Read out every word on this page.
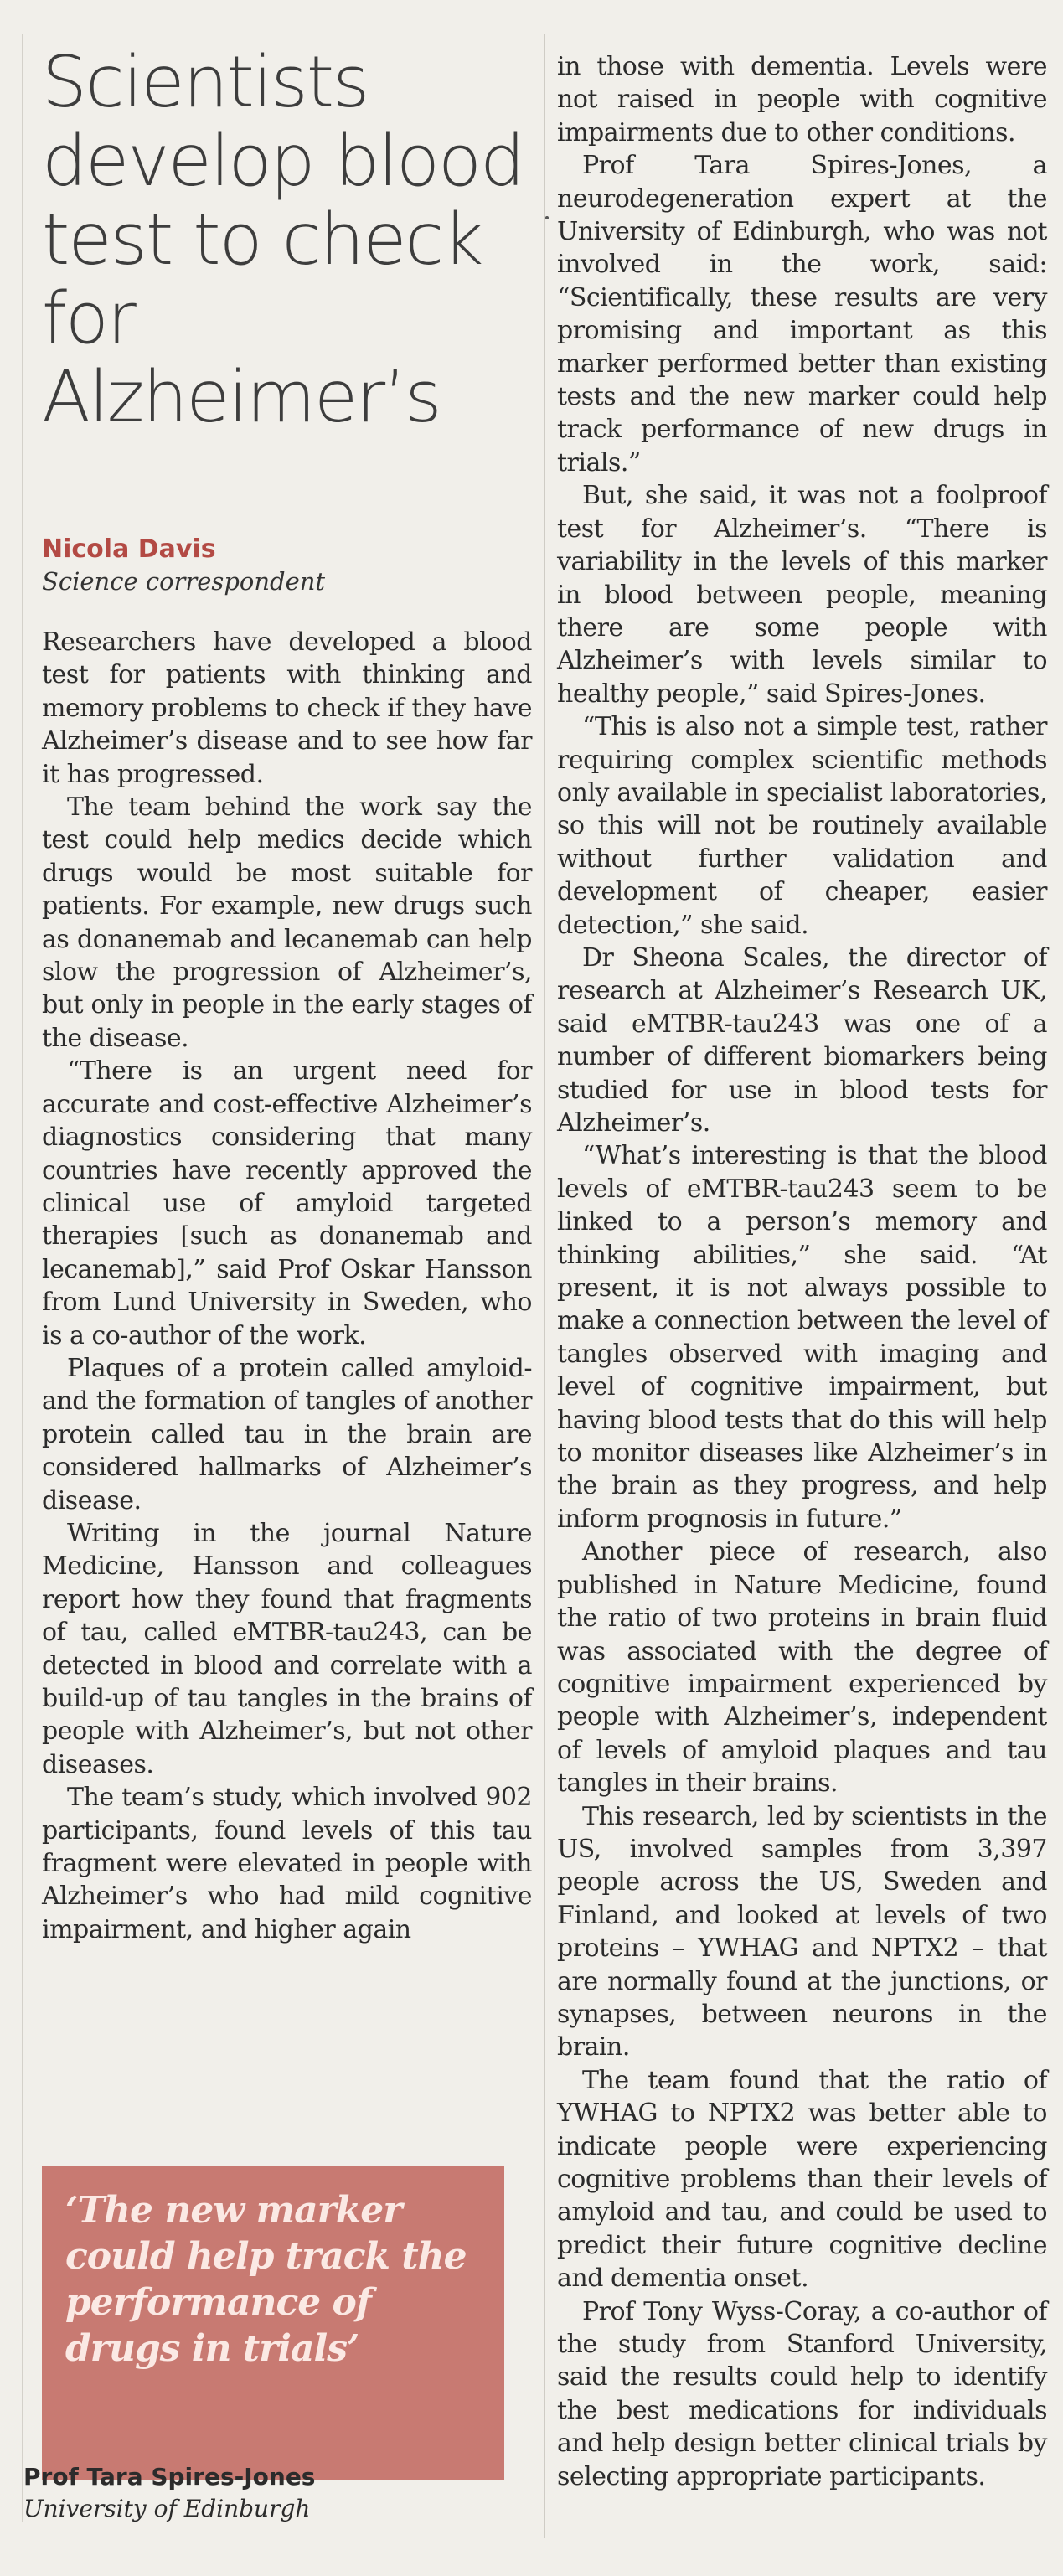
Scientists develop blood test to check for Alzheimer’s
Nicola Davis
Science correspondent

Researchers have developed a blood test for patients with thinking and memory problems to check if they have Alzheimer’s disease and to see how far it has progressed.

The team behind the work say the test could help medics decide which drugs would be most suitable for patients. For example, new drugs such as donanemab and lecanemab can help slow the progression of Alzheimer’s, but only in people in the early stages of the disease.

“There is an urgent need for accurate and cost-effective Alzheimer’s diagnostics considering that many countries have recently approved the clinical use of amyloid targeted therapies [such as donanemab and lecanemab],” said Prof Oskar Hansson from Lund University in Sweden, who is a co-author of the work.

Plaques of a protein called amyloid- and the formation of tangles of another protein called tau in the brain are considered hallmarks of Alzheimer’s disease.

Writing in the journal Nature Medicine, Hansson and colleagues report how they found that fragments of tau, called eMTBR-tau243, can be detected in blood and correlate with a build-up of tau tangles in the brains of people with Alzheimer’s, but not other diseases.

The team’s study, which involved 902 participants, found levels of this tau fragment were elevated in people with Alzheimer’s who had mild cognitive impairment, and higher again

‘The new marker could help track the performance of drugs in trials’
Prof Tara Spires-Jones
University of Edinburgh

in those with dementia. Levels were not raised in people with cognitive impairments due to other conditions.

Prof Tara Spires-Jones, a neurodegeneration expert at the University of Edinburgh, who was not involved in the work, said: “Scientifically, these results are very promising and important as this marker performed better than existing tests and the new marker could help track performance of new drugs in trials.”

But, she said, it was not a foolproof test for Alzheimer’s. “There is variability in the levels of this marker in blood between people, meaning there are some people with Alzheimer’s with levels similar to healthy people,” said Spires-Jones.

“This is also not a simple test, rather requiring complex scientific methods only available in specialist laboratories, so this will not be routinely available without further validation and development of cheaper, easier detection,” she said.

Dr Sheona Scales, the director of research at Alzheimer’s Research UK, said eMTBR-tau243 was one of a number of different biomarkers being studied for use in blood tests for Alzheimer’s.

“What’s interesting is that the blood levels of eMTBR-tau243 seem to be linked to a person’s memory and thinking abilities,” she said. “At present, it is not always possible to make a connection between the level of tangles observed with imaging and level of cognitive impairment, but having blood tests that do this will help to monitor diseases like Alzheimer’s in the brain as they progress, and help inform prognosis in future.”

Another piece of research, also published in Nature Medicine, found the ratio of two proteins in brain fluid was associated with the degree of cognitive impairment experienced by people with Alzheimer’s, independent of levels of amyloid plaques and tau tangles in their brains.

This research, led by scientists in the US, involved samples from 3,397 people across the US, Sweden and Finland, and looked at levels of two proteins – YWHAG and NPTX2 – that are normally found at the junctions, or synapses, between neurons in the brain.

The team found that the ratio of YWHAG to NPTX2 was better able to indicate people were experiencing cognitive problems than their levels of amyloid and tau, and could be used to predict their future cognitive decline and dementia onset.

Prof Tony Wyss-Coray, a co-author of the study from Stanford University, said the results could help to identify the best medications for individuals and help design better clinical trials by selecting appropriate participants.
